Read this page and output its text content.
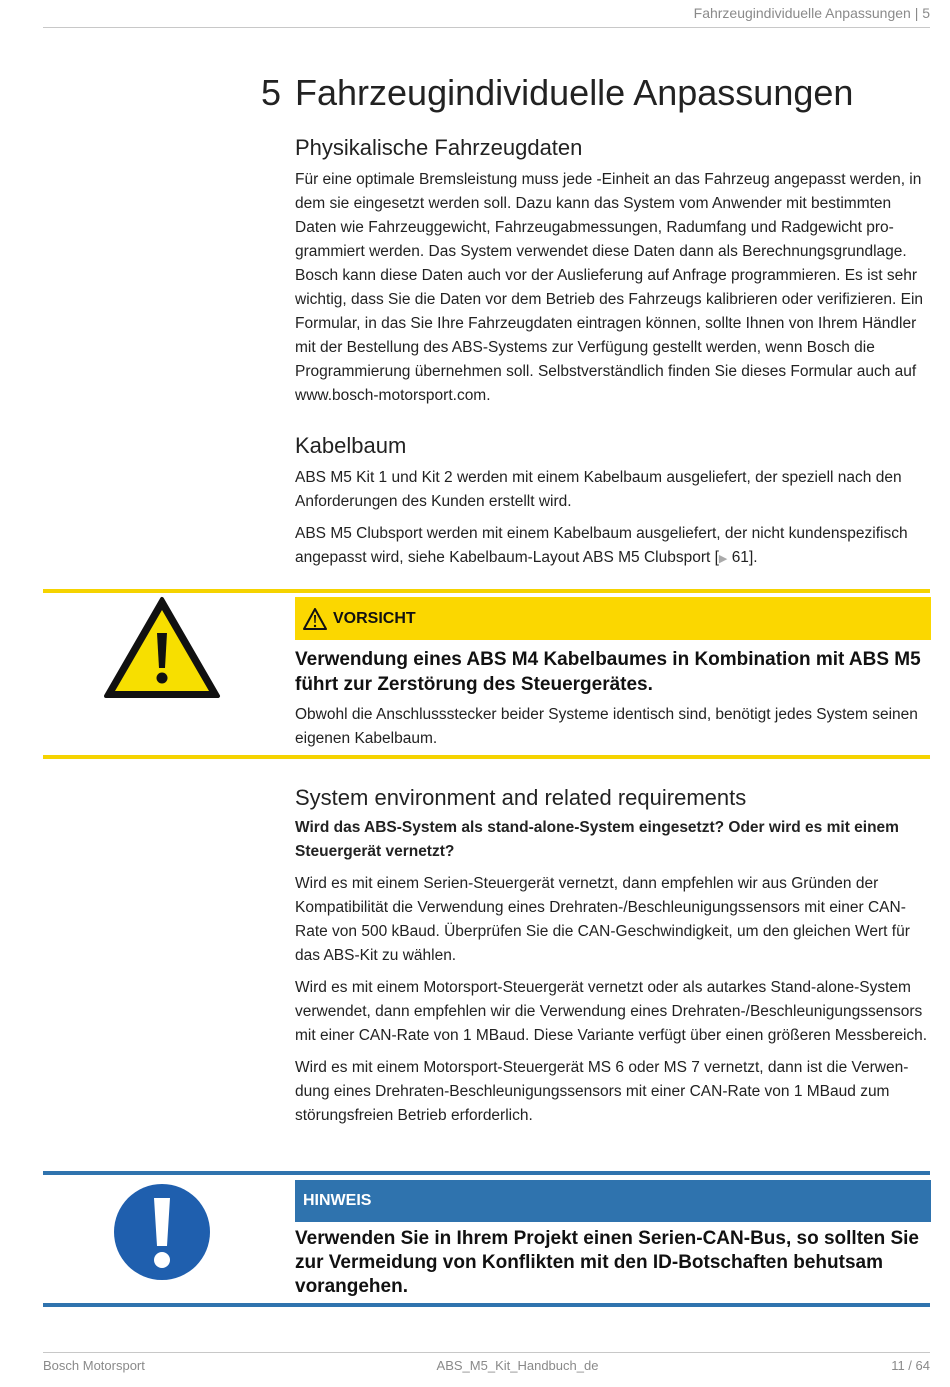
Fahrzeugindividuelle Anpassungen | 5
5 Fahrzeugindividuelle Anpassungen
Physikalische Fahrzeugdaten

Für eine optimale Bremsleistung muss jede -Einheit an das Fahrzeug angepasst werden, in dem sie eingesetzt werden soll. Dazu kann das System vom Anwender mit bestimmten Daten wie Fahrzeuggewicht, Fahrzeugabmessungen, Radumfang und Radgewicht programmiert werden. Das System verwendet diese Daten dann als Berechnungsgrundlage. Bosch kann diese Daten auch vor der Auslieferung auf Anfrage programmieren. Es ist sehr wichtig, dass Sie die Daten vor dem Betrieb des Fahrzeugs kalibrieren oder verifizieren. Ein Formular, in das Sie Ihre Fahrzeugdaten eintragen können, sollte Ihnen von Ihrem Händler mit der Bestellung des ABS-Systems zur Verfügung gestellt werden, wenn Bosch die Programmierung übernehmen soll. Selbstverständlich finden Sie dieses Formular auch auf www.bosch-motorsport.com.

Kabelbaum

ABS M5 Kit 1 und Kit 2 werden mit einem Kabelbaum ausgeliefert, der speziell nach den Anforderungen des Kunden erstellt wird.

ABS M5 Clubsport werden mit einem Kabelbaum ausgeliefert, der nicht kundenspezifisch angepasst wird, siehe Kabelbaum-Layout ABS M5 Clubsport [▶ 61].

VORSICHT
Verwendung eines ABS M4 Kabelbaumes in Kombination mit ABS M5 führt zur Zerstörung des Steuergerätes.

Obwohl die Anschlussstecker beider Systeme identisch sind, benötigt jedes System seinen eigenen Kabelbaum.

System environment and related requirements

Wird das ABS-System als stand-alone-System eingesetzt? Oder wird es mit einem Steuergerät vernetzt?

Wird es mit einem Serien-Steuergerät vernetzt, dann empfehlen wir aus Gründen der Kompatibilität die Verwendung eines Drehraten-/Beschleunigungssensors mit einer CAN-Rate von 500 kBaud. Überprüfen Sie die CAN-Geschwindigkeit, um den gleichen Wert für das ABS-Kit zu wählen.

Wird es mit einem Motorsport-Steuergerät vernetzt oder als autarkes Stand-alone-System verwendet, dann empfehlen wir die Verwendung eines Drehraten-/Beschleunigungssensors mit einer CAN-Rate von 1 MBaud. Diese Variante verfügt über einen größeren Messbereich.

Wird es mit einem Motorsport-Steuergerät MS 6 oder MS 7 vernetzt, dann ist die Verwendung eines Drehraten-Beschleunigungssensors mit einer CAN-Rate von 1 MBaud zum störungsfreien Betrieb erforderlich.

HINWEIS
Verwenden Sie in Ihrem Projekt einen Serien-CAN-Bus, so sollten Sie zur Vermeidung von Konflikten mit den ID-Botschaften behutsam vorangehen.
Bosch Motorsport	ABS_M5_Kit_Handbuch_de	11 / 64
